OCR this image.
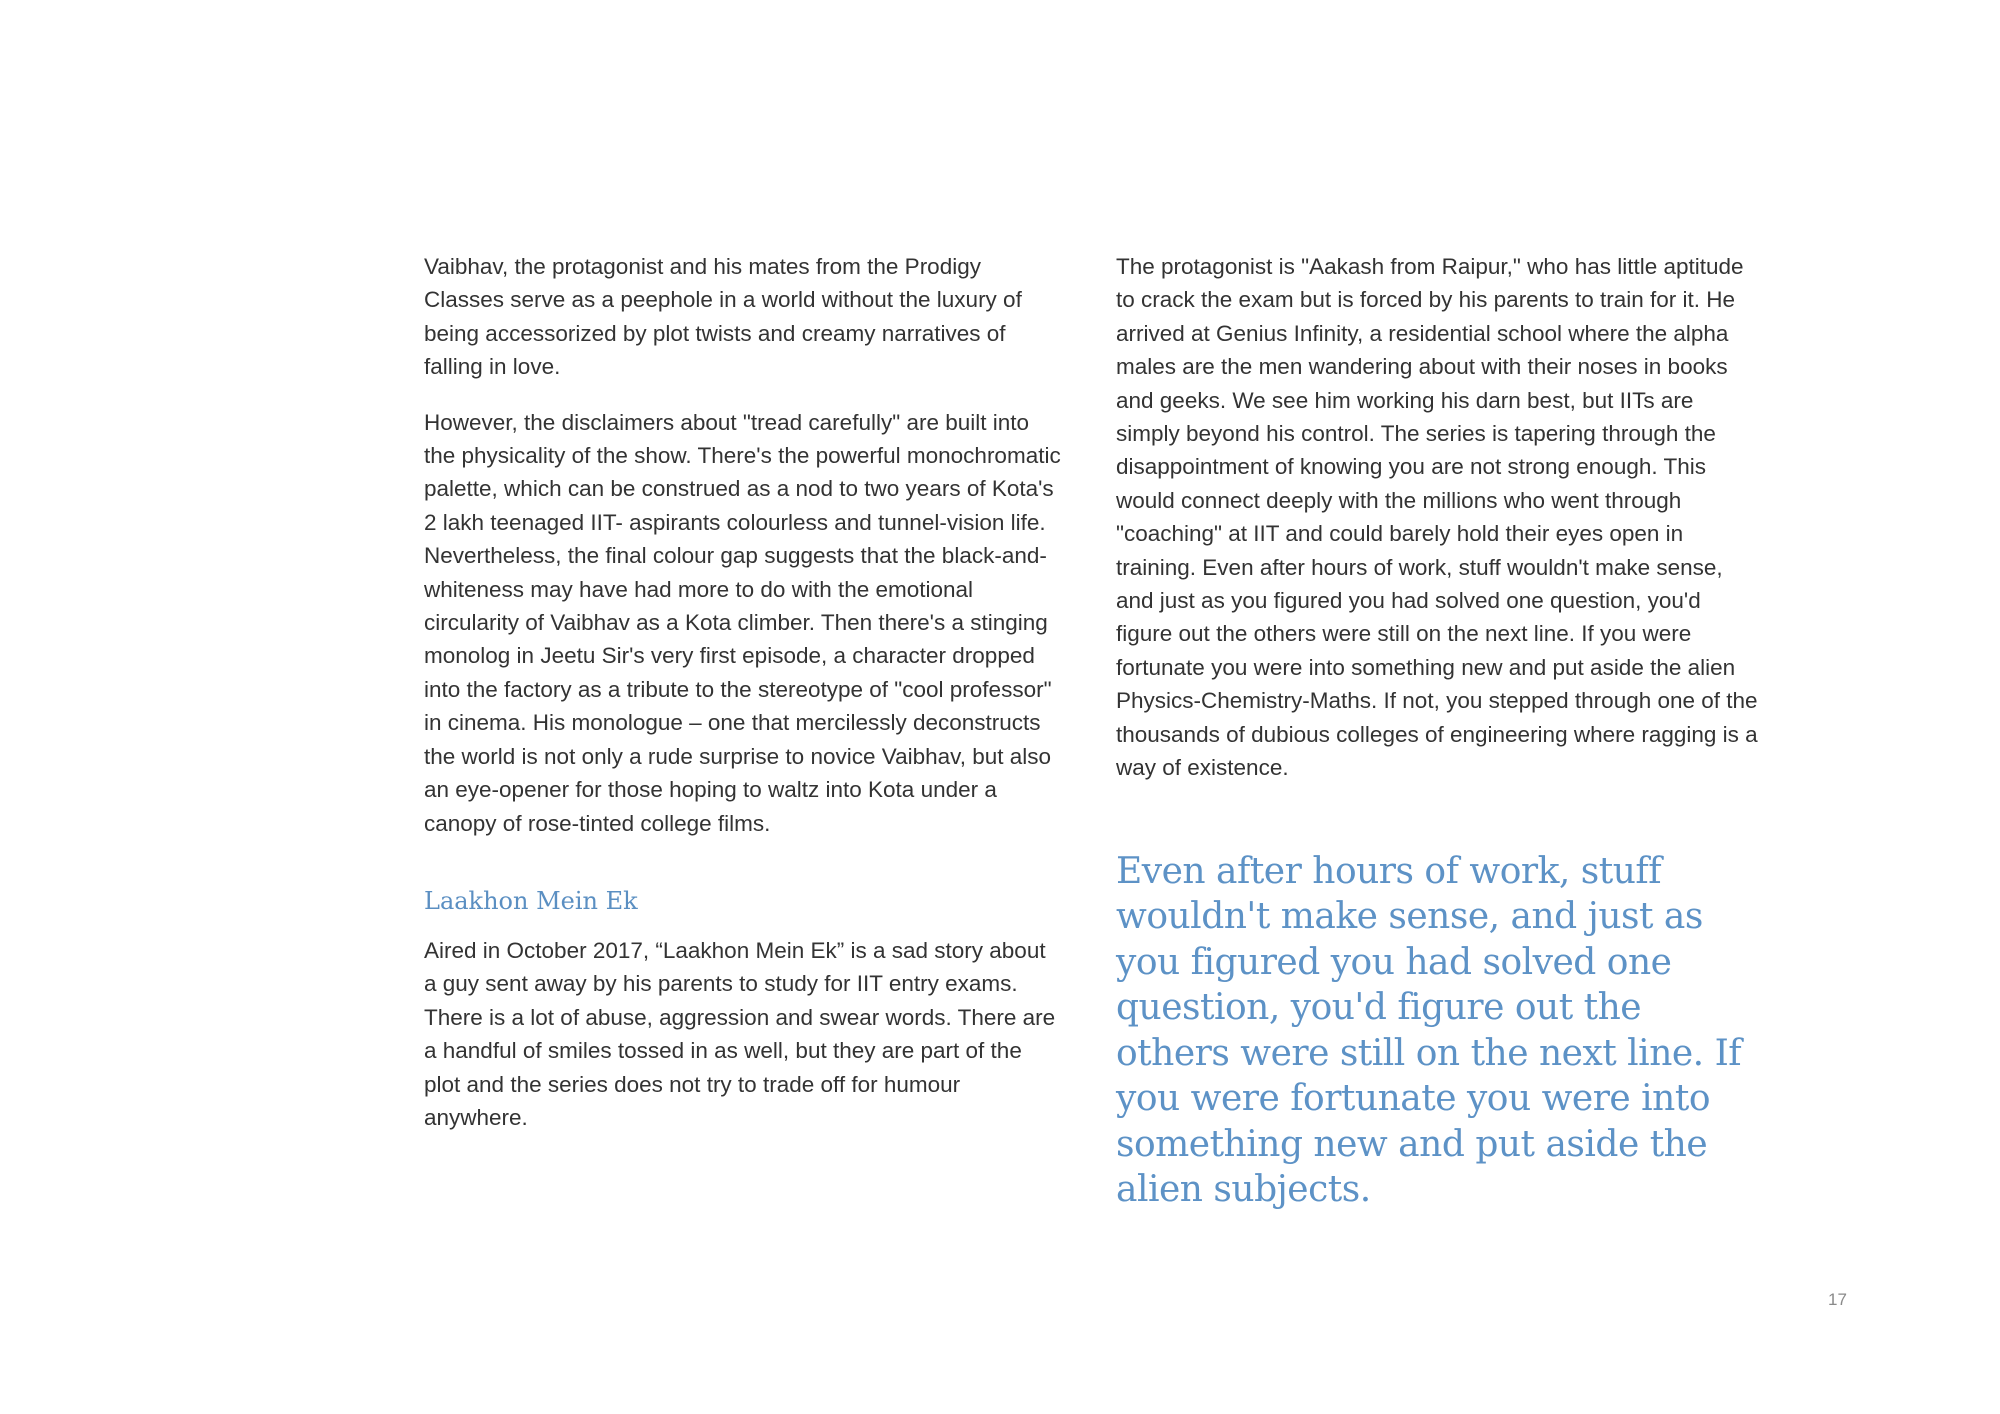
Vaibhav, the protagonist and his mates from the Prodigy Classes serve as a peephole in a world without the luxury of being accessorized by plot twists and creamy narratives of falling in love.

However, the disclaimers about "tread carefully" are built into the physicality of the show. There's the powerful monochromatic palette, which can be construed as a nod to two years of Kota's 2 lakh teenaged IIT- aspirants colourless and tunnel-vision life. Nevertheless, the final colour gap suggests that the black-and-whiteness may have had more to do with the emotional circularity of Vaibhav as a Kota climber. Then there's a stinging monolog in Jeetu Sir's very first episode, a character dropped into the factory as a tribute to the stereotype of "cool professor" in cinema. His monologue – one that mercilessly deconstructs the world is not only a rude surprise to novice Vaibhav, but also an eye-opener for those hoping to waltz into Kota under a canopy of rose-tinted college films.

Laakhon Mein Ek

Aired in October 2017, “Laakhon Mein Ek” is a sad story about a guy sent away by his parents to study for IIT entry exams. There is a lot of abuse, aggression and swear words. There are a handful of smiles tossed in as well, but they are part of the plot and the series does not try to trade off for humour anywhere.

The protagonist is "Aakash from Raipur," who has little aptitude to crack the exam but is forced by his parents to train for it. He arrived at Genius Infinity, a residential school where the alpha males are the men wandering about with their noses in books and geeks. We see him working his darn best, but IITs are simply beyond his control. The series is tapering through the disappointment of knowing you are not strong enough. This would connect deeply with the millions who went through "coaching" at IIT and could barely hold their eyes open in training. Even after hours of work, stuff wouldn't make sense, and just as you figured you had solved one question, you'd figure out the others were still on the next line. If you were fortunate you were into something new and put aside the alien Physics-Chemistry-Maths. If not, you stepped through one of the thousands of dubious colleges of engineering where ragging is a way of existence.

Even after hours of work, stuff wouldn't make sense, and just as you figured you had solved one question, you'd figure out the others were still on the next line. If you were fortunate you were into something new and put aside the alien subjects.
17
